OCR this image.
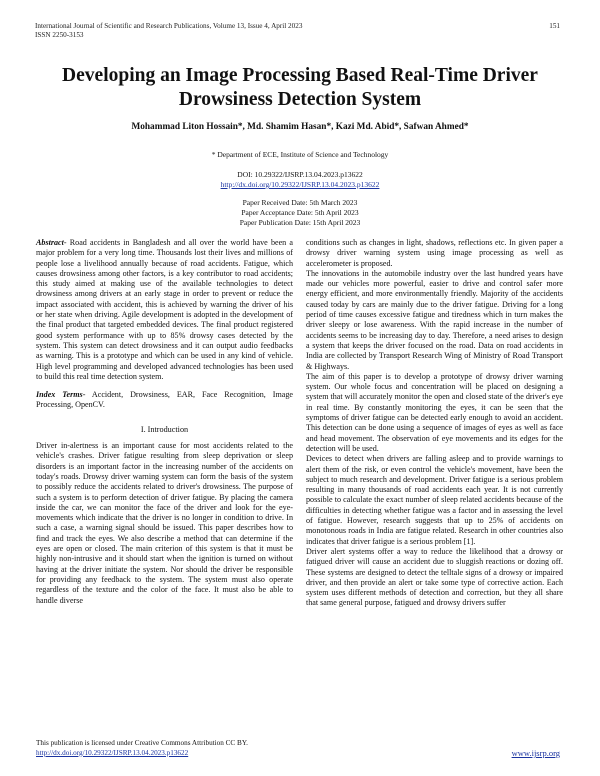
International Journal of Scientific and Research Publications, Volume 13, Issue 4, April 2023
ISSN 2250-3153
151
Developing an Image Processing Based Real-Time Driver Drowsiness Detection System
Mohammad Liton Hossain*, Md. Shamim Hasan*, Kazi Md. Abid*, Safwan Ahmed*
* Department of ECE, Institute of Science and Technology
DOI: 10.29322/IJSRP.13.04.2023.p13622
http://dx.doi.org/10.29322/IJSRP.13.04.2023.p13622
Paper Received Date: 5th March 2023
Paper Acceptance Date: 5th April 2023
Paper Publication Date: 15th April 2023

Abstract- Road accidents in Bangladesh and all over the world have been a major problem for a very long time. Thousands lost their lives and millions of people lose a livelihood annually because of road accidents. Fatigue, which causes drowsiness among other factors, is a key contributor to road accidents; this study aimed at making use of the available technologies to detect drowsiness among drivers at an early stage in order to prevent or reduce the impact associated with accident, this is achieved by warning the driver of his or her state when driving. Agile development is adopted in the development of the final product that targeted embedded devices. The final product registered good system performance with up to 85% drowsy cases detected by the system. This system can detect drowsiness and it can output audio feedbacks as warning. This is a prototype and which can be used in any kind of vehicle. High level programming and developed advanced technologies has been used to build this real time detection system.

Index Terms- Accident, Drowsiness, EAR, Face Recognition, Image Processing, OpenCV.

I. Introduction

Driver in-alertness is an important cause for most accidents related to the vehicle's crashes. Driver fatigue resulting from sleep deprivation or sleep disorders is an important factor in the increasing number of the accidents on today's roads. Drowsy driver warning system can form the basis of the system to possibly reduce the accidents related to driver's drowsiness. The purpose of such a system is to perform detection of driver fatigue. By placing the camera inside the car, we can monitor the face of the driver and look for the eye-movements which indicate that the driver is no longer in condition to drive. In such a case, a warning signal should be issued. This paper describes how to find and track the eyes. We also describe a method that can determine if the eyes are open or closed. The main criterion of this system is that it must be highly non-intrusive and it should start when the ignition is turned on without having at the driver initiate the system. Nor should the driver be responsible for providing any feedback to the system. The system must also operate regardless of the texture and the color of the face. It must also be able to handle diverse

conditions such as changes in light, shadows, reflections etc. In given paper a drowsy driver warning system using image processing as well as accelerometer is proposed.

The innovations in the automobile industry over the last hundred years have made our vehicles more powerful, easier to drive and control safer more energy efficient, and more environmentally friendly. Majority of the accidents caused today by cars are mainly due to the driver fatigue. Driving for a long period of time causes excessive fatigue and tiredness which in turn makes the driver sleepy or lose awareness. With the rapid increase in the number of accidents seems to be increasing day to day. Therefore, a need arises to design a system that keeps the driver focused on the road. Data on road accidents in India are collected by Transport Research Wing of Ministry of Road Transport & Highways.

The aim of this paper is to develop a prototype of drowsy driver warning system. Our whole focus and concentration will be placed on designing a system that will accurately monitor the open and closed state of the driver's eye in real time. By constantly monitoring the eyes, it can be seen that the symptoms of driver fatigue can be detected early enough to avoid an accident. This detection can be done using a sequence of images of eyes as well as face and head movement. The observation of eye movements and its edges for the detection will be used.

Devices to detect when drivers are falling asleep and to provide warnings to alert them of the risk, or even control the vehicle's movement, have been the subject to much research and development. Driver fatigue is a serious problem resulting in many thousands of road accidents each year. It is not currently possible to calculate the exact number of sleep related accidents because of the difficulties in detecting whether fatigue was a factor and in assessing the level of fatigue. However, research suggests that up to 25% of accidents on monotonous roads in India are fatigue related. Research in other countries also indicates that driver fatigue is a serious problem [1].

Driver alert systems offer a way to reduce the likelihood that a drowsy or fatigued driver will cause an accident due to sluggish reactions or dozing off. These systems are designed to detect the telltale signs of a drowsy or impaired driver, and then provide an alert or take some type of corrective action. Each system uses different methods of detection and correction, but they all share that same general purpose, fatigued and drowsy drivers suffer

This publication is licensed under Creative Commons Attribution CC BY.
http://dx.doi.org/10.29322/IJSRP.13.04.2023.p13622	www.ijsrp.org
